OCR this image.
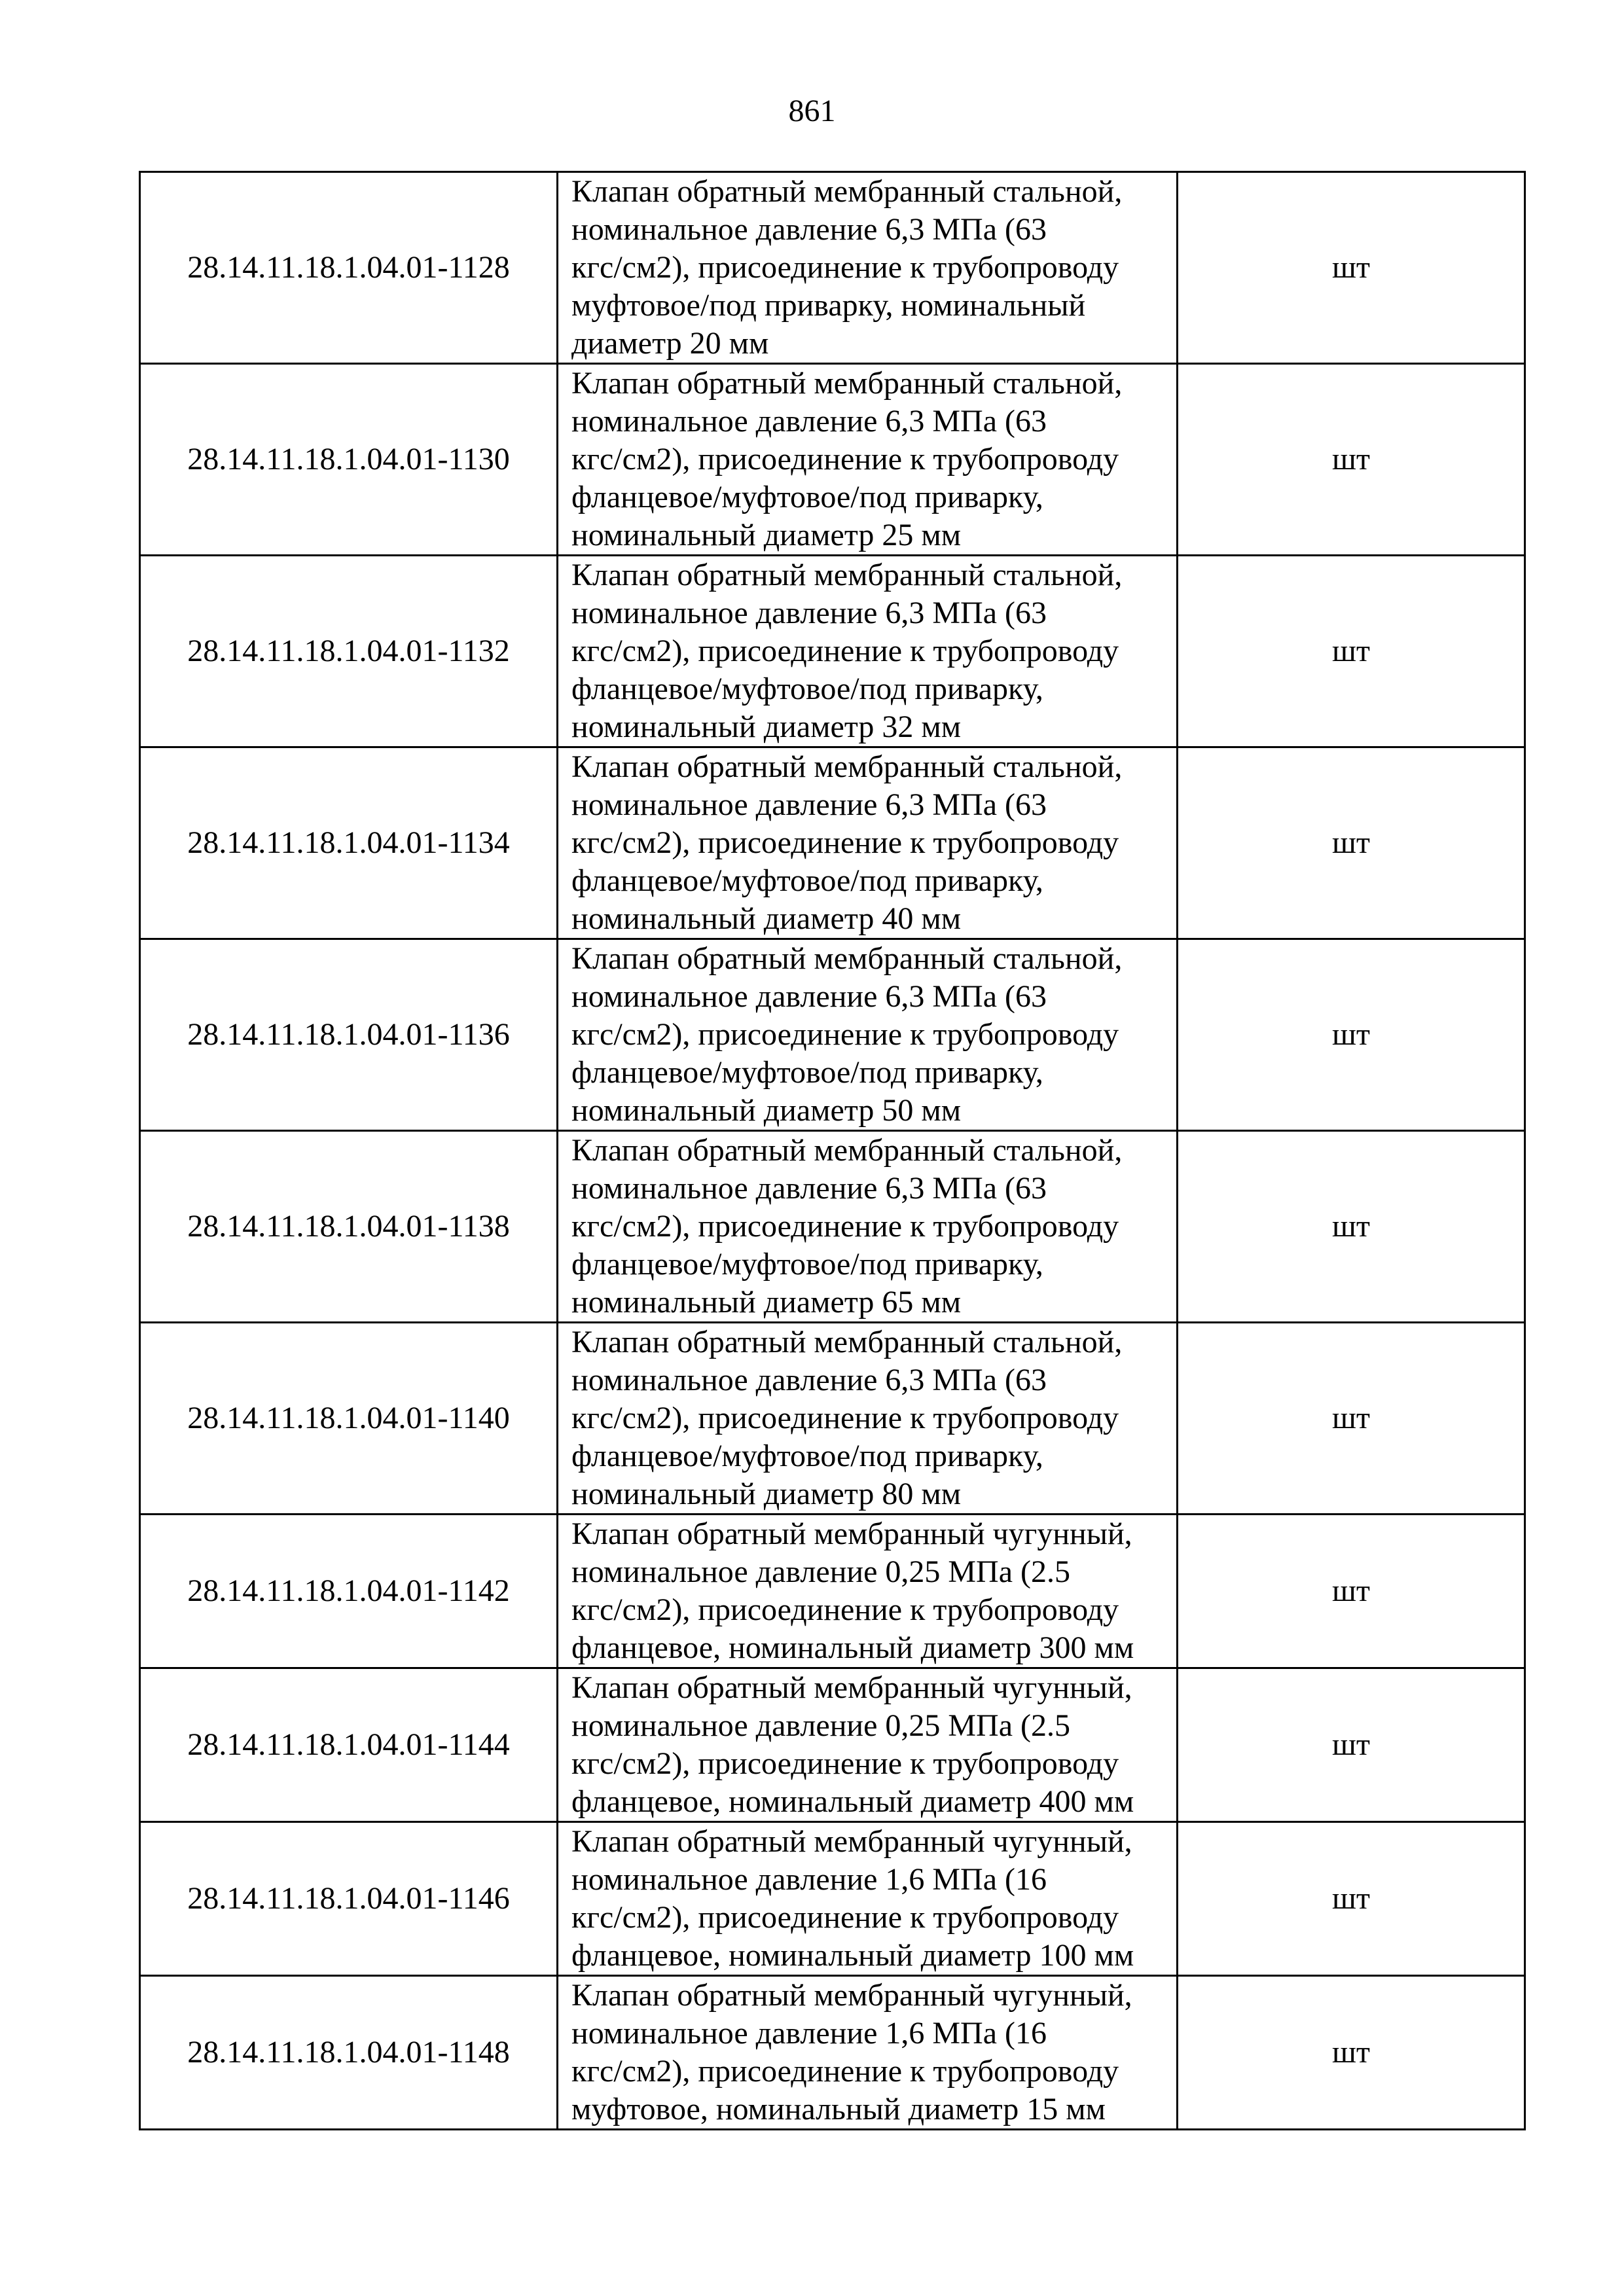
861
28.14.11.18.1.04.01-1128	Клапан обратный мембранный стальной,
номинальное давление 6,3 МПа (63
кгс/см2), присоединение к трубопроводу
муфтовое/под приварку, номинальный
диаметр 20 мм	шт
28.14.11.18.1.04.01-1130	Клапан обратный мембранный стальной,
номинальное давление 6,3 МПа (63
кгс/см2), присоединение к трубопроводу
фланцевое/муфтовое/под приварку,
номинальный диаметр 25 мм	шт
28.14.11.18.1.04.01-1132	Клапан обратный мембранный стальной,
номинальное давление 6,3 МПа (63
кгс/см2), присоединение к трубопроводу
фланцевое/муфтовое/под приварку,
номинальный диаметр 32 мм	шт
28.14.11.18.1.04.01-1134	Клапан обратный мембранный стальной,
номинальное давление 6,3 МПа (63
кгс/см2), присоединение к трубопроводу
фланцевое/муфтовое/под приварку,
номинальный диаметр 40 мм	шт
28.14.11.18.1.04.01-1136	Клапан обратный мембранный стальной,
номинальное давление 6,3 МПа (63
кгс/см2), присоединение к трубопроводу
фланцевое/муфтовое/под приварку,
номинальный диаметр 50 мм	шт
28.14.11.18.1.04.01-1138	Клапан обратный мембранный стальной,
номинальное давление 6,3 МПа (63
кгс/см2), присоединение к трубопроводу
фланцевое/муфтовое/под приварку,
номинальный диаметр 65 мм	шт
28.14.11.18.1.04.01-1140	Клапан обратный мембранный стальной,
номинальное давление 6,3 МПа (63
кгс/см2), присоединение к трубопроводу
фланцевое/муфтовое/под приварку,
номинальный диаметр 80 мм	шт
28.14.11.18.1.04.01-1142	Клапан обратный мембранный чугунный,
номинальное давление 0,25 МПа (2.5
кгс/см2), присоединение к трубопроводу
фланцевое, номинальный диаметр 300 мм	шт
28.14.11.18.1.04.01-1144	Клапан обратный мембранный чугунный,
номинальное давление 0,25 МПа (2.5
кгс/см2), присоединение к трубопроводу
фланцевое, номинальный диаметр 400 мм	шт
28.14.11.18.1.04.01-1146	Клапан обратный мембранный чугунный,
номинальное давление 1,6 МПа (16
кгс/см2), присоединение к трубопроводу
фланцевое, номинальный диаметр 100 мм	шт
28.14.11.18.1.04.01-1148	Клапан обратный мембранный чугунный,
номинальное давление 1,6 МПа (16
кгс/см2), присоединение к трубопроводу
муфтовое, номинальный диаметр 15 мм	шт
